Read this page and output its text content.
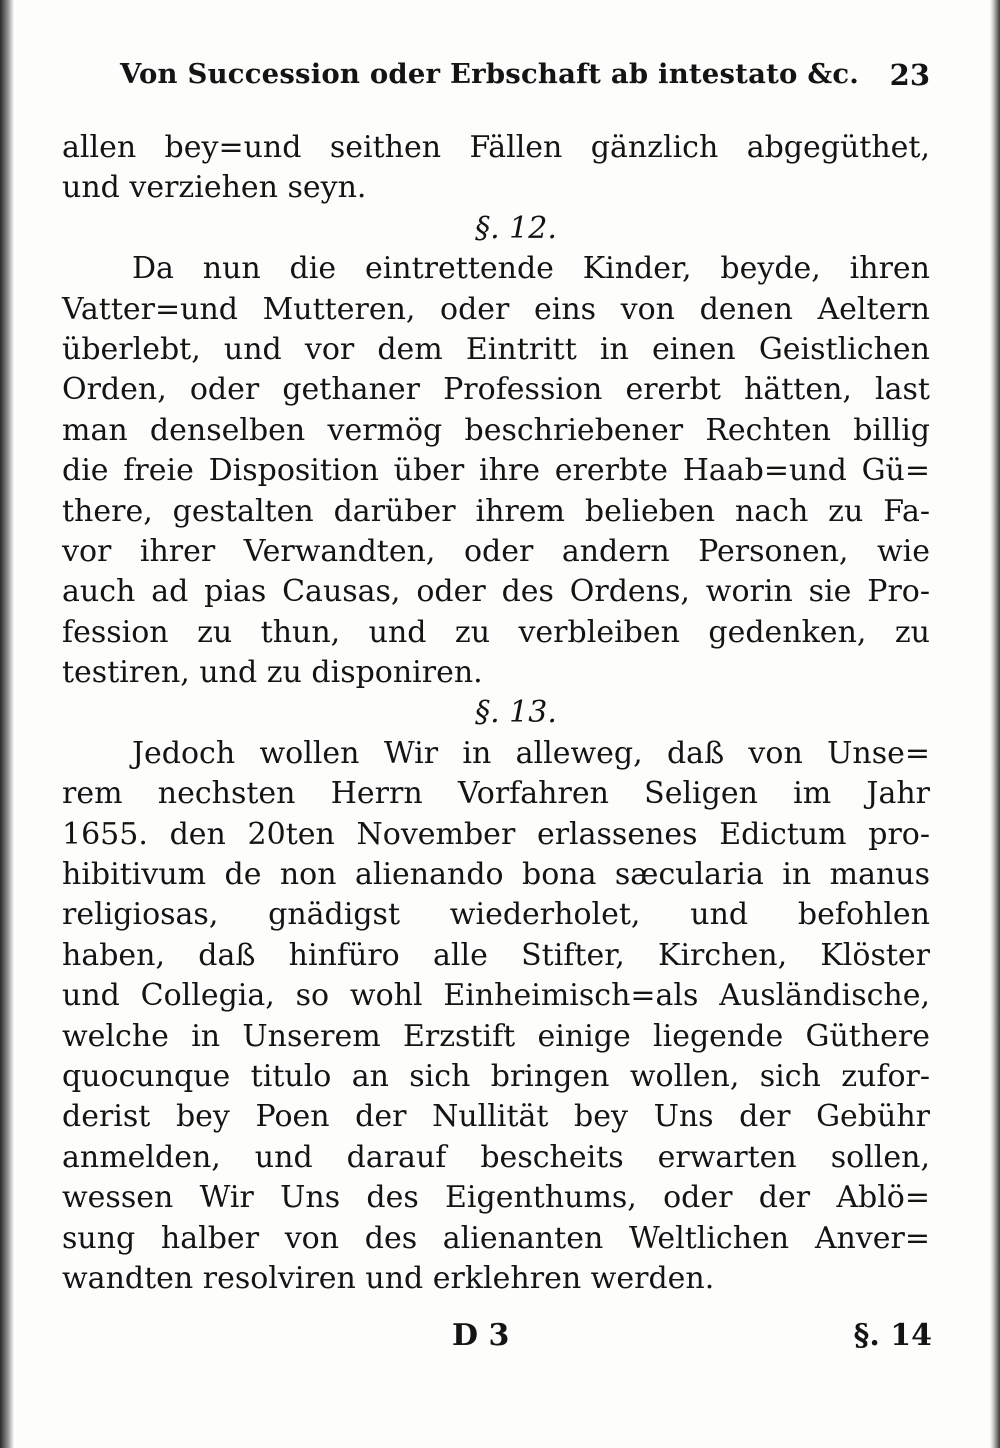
Von Succession oder Erbschaft ab intestato &c. 23
allen bey=und seithen Fällen gänzlich abgegüthet,
und verziehen seyn.
§. 12.
Da nun die eintrettende Kinder, beyde, ihren
Vatter=und Mutteren, oder eins von denen Aeltern
überlebt, und vor dem Eintritt in einen Geistlichen
Orden, oder gethaner Profession ererbt hätten, last
man denselben vermög beschriebener Rechten billig
die freie Disposition über ihre ererbte Haab=und Gü=
there, gestalten darüber ihrem belieben nach zu Fa-
vor ihrer Verwandten, oder andern Personen, wie
auch ad pias Causas, oder des Ordens, worin sie Pro-
fession zu thun, und zu verbleiben gedenken, zu
testiren, und zu disponiren.
§. 13.
Jedoch wollen Wir in alleweg, daß von Unse=
rem nechsten Herrn Vorfahren Seligen im Jahr
1655. den 20ten November erlassenes Edictum pro-
hibitivum de non alienando bona sæcularia in manus
religiosas, gnädigst wiederholet, und befohlen
haben, daß hinfüro alle Stifter, Kirchen, Klöster
und Collegia, so wohl Einheimisch=als Ausländische,
welche in Unserem Erzstift einige liegende Güthere
quocunque titulo an sich bringen wollen, sich zufor-
derist bey Poen der Nullität bey Uns der Gebühr
anmelden, und darauf bescheits erwarten sollen,
wessen Wir Uns des Eigenthums, oder der Ablö=
sung halber von des alienanten Weltlichen Anver=
wandten resolviren und erklehren werden.
D 3	§. 14
